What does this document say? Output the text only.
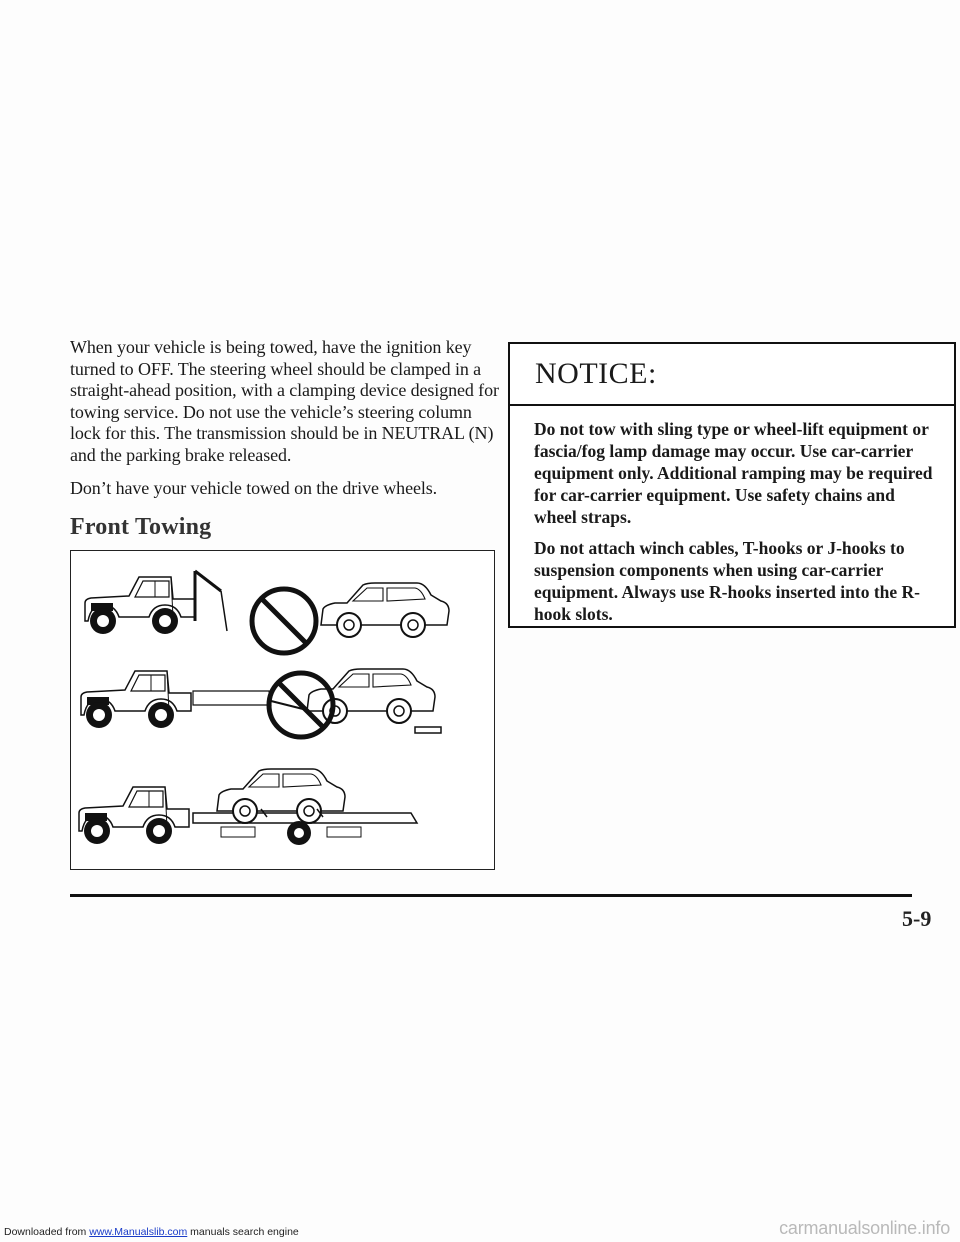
When your vehicle is being towed, have the ignition key turned to OFF. The steering wheel should be clamped in a straight-ahead position, with a clamping device designed for towing service. Do not use the vehicle’s steering column lock for this. The transmission should be in NEUTRAL (N) and the parking brake released.

Don’t have your vehicle towed on the drive wheels.

Front Towing
NOTICE:

Do not tow with sling type or wheel-lift equipment or fascia/fog lamp damage may occur. Use car-carrier equipment only. Additional ramping may be required for car-carrier equipment. Use safety chains and wheel straps.

Do not attach winch cables, T-hooks or J-hooks to suspension components when using car-carrier equipment. Always use R-hooks inserted into the R-hook slots.

5-9
Downloaded from www.Manualslib.com manuals search engine	carmanualsonline.info
